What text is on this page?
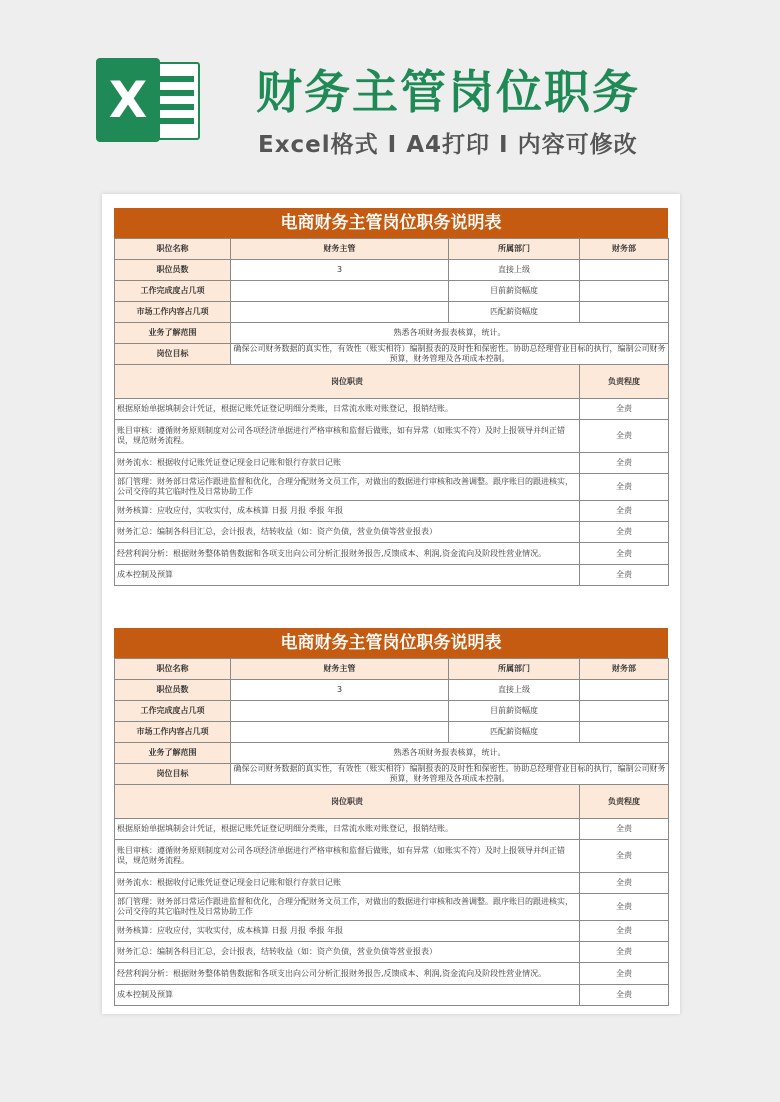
X 财务主管岗位职务
Excel格式 I A4打印 I 内容可修改
电商财务主管岗位职务说明表
职位名称	财务主管	所属部门	财务部
职位员数	3	直接上级	
工作完成度占几项		目前薪资幅度	
市场工作内容占几项		匹配薪资幅度	
业务了解范围	熟悉各项财务报表核算，统计。		
岗位目标	确保公司财务数据的真实性，有效性（账实相符）编制报表的及时性和保密性。协助总经理营业目标的执行，编制公司财务预算，财务管理及各项成本控制。		
岗位职责			负责程度
根据原始单据填制会计凭证，根据记账凭证登记明细分类账，日常流水账对账登记，报销结账。			全责
账目审核：遵循财务原则制度对公司各项经济单据进行严格审核和监督后做账，如有异常（如账实不符）及时上报领导并纠正错误，规范财务流程。			全责
财务流水：根据收付记账凭证登记现金日记账和银行存款日记账			全责
部门管理：财务部日常运作跟进监督和优化，合理分配财务文员工作，对做出的数据进行审核和改善调整。跟序账目的跟进核实，公司交待的其它临时性及日常协助工作			全责
财务核算：应收应付，实收实付，成本核算 日报 月报 季报 年报			全责
财务汇总：编制各科目汇总，会计报表，结转收益（如：资产负债，营业负债等营业报表）			全责
经营利润分析：根据财务整体销售数据和各项支出向公司分析汇报财务报告,反馈成本、利润,资金流向及阶段性营业情况。			全责
成本控制及预算			全责
电商财务主管岗位职务说明表
职位名称	财务主管	所属部门	财务部
职位员数	3	直接上级	
工作完成度占几项		目前薪资幅度	
市场工作内容占几项		匹配薪资幅度	
业务了解范围	熟悉各项财务报表核算，统计。		
岗位目标	确保公司财务数据的真实性，有效性（账实相符）编制报表的及时性和保密性。协助总经理营业目标的执行，编制公司财务预算，财务管理及各项成本控制。		
岗位职责			负责程度
根据原始单据填制会计凭证，根据记账凭证登记明细分类账，日常流水账对账登记，报销结账。			全责
账目审核：遵循财务原则制度对公司各项经济单据进行严格审核和监督后做账，如有异常（如账实不符）及时上报领导并纠正错误，规范财务流程。			全责
财务流水：根据收付记账凭证登记现金日记账和银行存款日记账			全责
部门管理：财务部日常运作跟进监督和优化，合理分配财务文员工作，对做出的数据进行审核和改善调整。跟序账目的跟进核实，公司交待的其它临时性及日常协助工作			全责
财务核算：应收应付，实收实付，成本核算 日报 月报 季报 年报			全责
财务汇总：编制各科目汇总，会计报表，结转收益（如：资产负债，营业负债等营业报表）			全责
经营利润分析：根据财务整体销售数据和各项支出向公司分析汇报财务报告,反馈成本、利润,资金流向及阶段性营业情况。			全责
成本控制及预算			全责
